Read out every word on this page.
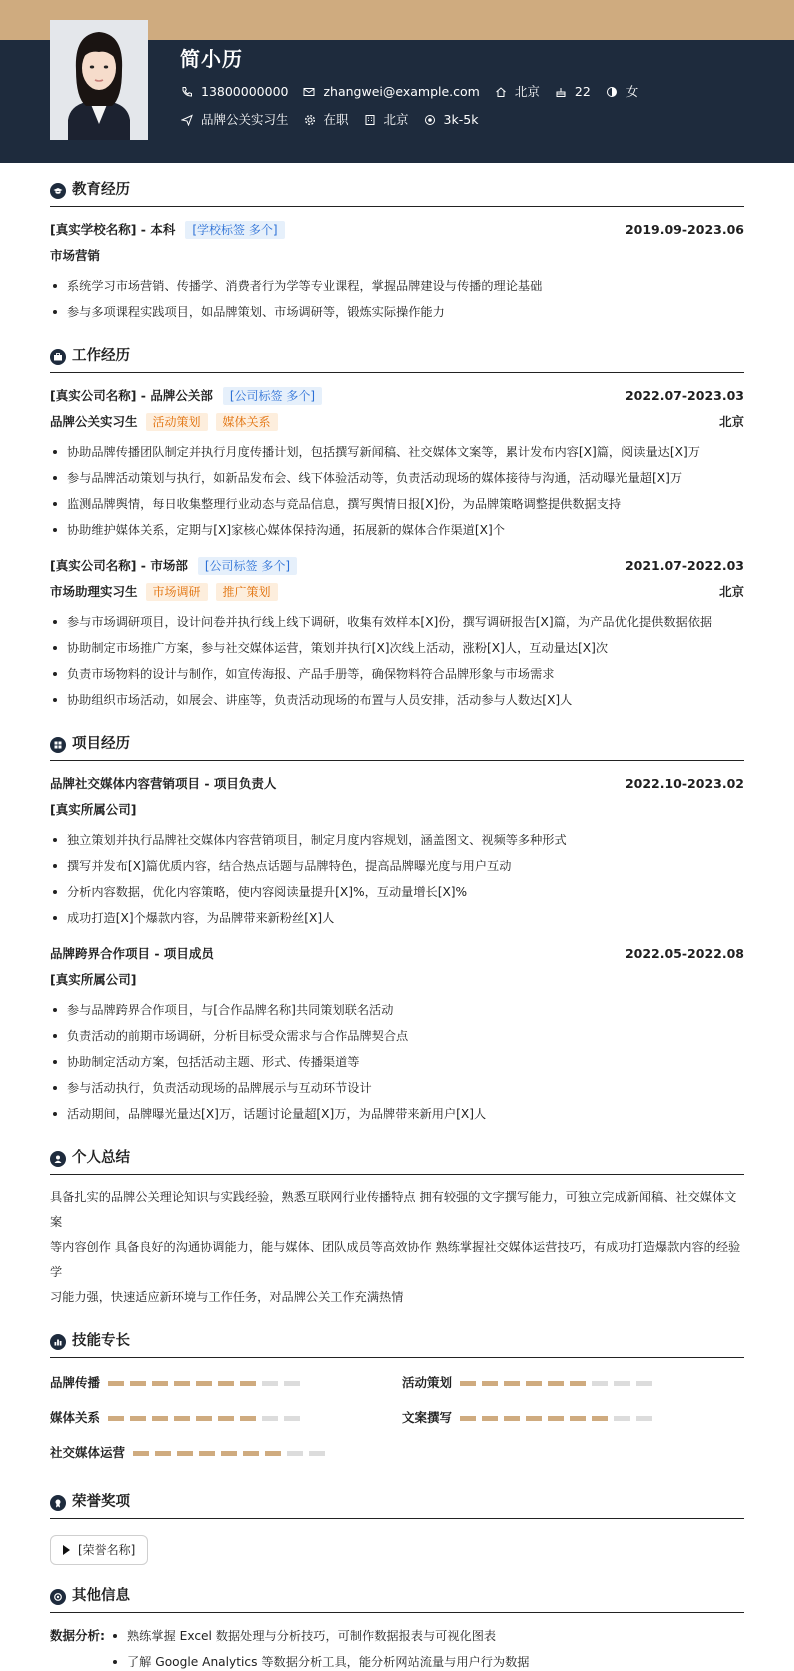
简小历
13800000000	zhangwei@example.com	北京	22	女
品牌公关实习生	在职	北京	3k-5k
教育经历
[真实学校名称] - 本科	[学校标签 多个]	2019.09-2023.06
市场营销
系统学习市场营销、传播学、消费者行为学等专业课程，掌握品牌建设与传播的理论基础
参与多项课程实践项目，如品牌策划、市场调研等，锻炼实际操作能力
工作经历
[真实公司名称] - 品牌公关部	[公司标签 多个]	2022.07-2023.03
品牌公关实习生	活动策划	媒体关系	北京
协助品牌传播团队制定并执行月度传播计划，包括撰写新闻稿、社交媒体文案等，累计发布内容[X]篇，阅读量达[X]万
参与品牌活动策划与执行，如新品发布会、线下体验活动等，负责活动现场的媒体接待与沟通，活动曝光量超[X]万
监测品牌舆情，每日收集整理行业动态与竞品信息，撰写舆情日报[X]份，为品牌策略调整提供数据支持
协助维护媒体关系，定期与[X]家核心媒体保持沟通，拓展新的媒体合作渠道[X]个
[真实公司名称] - 市场部	[公司标签 多个]	2021.07-2022.03
市场助理实习生	市场调研	推广策划	北京
参与市场调研项目，设计问卷并执行线上线下调研，收集有效样本[X]份，撰写调研报告[X]篇，为产品优化提供数据依据
协助制定市场推广方案，参与社交媒体运营，策划并执行[X]次线上活动，涨粉[X]人，互动量达[X]次
负责市场物料的设计与制作，如宣传海报、产品手册等，确保物料符合品牌形象与市场需求
协助组织市场活动，如展会、讲座等，负责活动现场的布置与人员安排，活动参与人数达[X]人
项目经历
品牌社交媒体内容营销项目 - 项目负责人	2022.10-2023.02
[真实所属公司]
独立策划并执行品牌社交媒体内容营销项目，制定月度内容规划，涵盖图文、视频等多种形式
撰写并发布[X]篇优质内容，结合热点话题与品牌特色，提高品牌曝光度与用户互动
分析内容数据，优化内容策略，使内容阅读量提升[X]%，互动量增长[X]%
成功打造[X]个爆款内容，为品牌带来新粉丝[X]人
品牌跨界合作项目 - 项目成员	2022.05-2022.08
[真实所属公司]
参与品牌跨界合作项目，与[合作品牌名称]共同策划联名活动
负责活动的前期市场调研，分析目标受众需求与合作品牌契合点
协助制定活动方案，包括活动主题、形式、传播渠道等
参与活动执行，负责活动现场的品牌展示与互动环节设计
活动期间，品牌曝光量达[X]万，话题讨论量超[X]万，为品牌带来新用户[X]人
个人总结
具备扎实的品牌公关理论知识与实践经验，熟悉互联网行业传播特点 拥有较强的文字撰写能力，可独立完成新闻稿、社交媒体文案
等内容创作 具备良好的沟通协调能力，能与媒体、团队成员等高效协作 熟练掌握社交媒体运营技巧，有成功打造爆款内容的经验 学
习能力强，快速适应新环境与工作任务，对品牌公关工作充满热情
技能专长
品牌传播	活动策划
媒体关系	文案撰写
社交媒体运营
荣誉奖项
[荣誉名称]
其他信息
数据分析:	熟练掌握 Excel 数据处理与分析技巧，可制作数据报表与可视化图表
了解 Google Analytics 等数据分析工具，能分析网站流量与用户行为数据
